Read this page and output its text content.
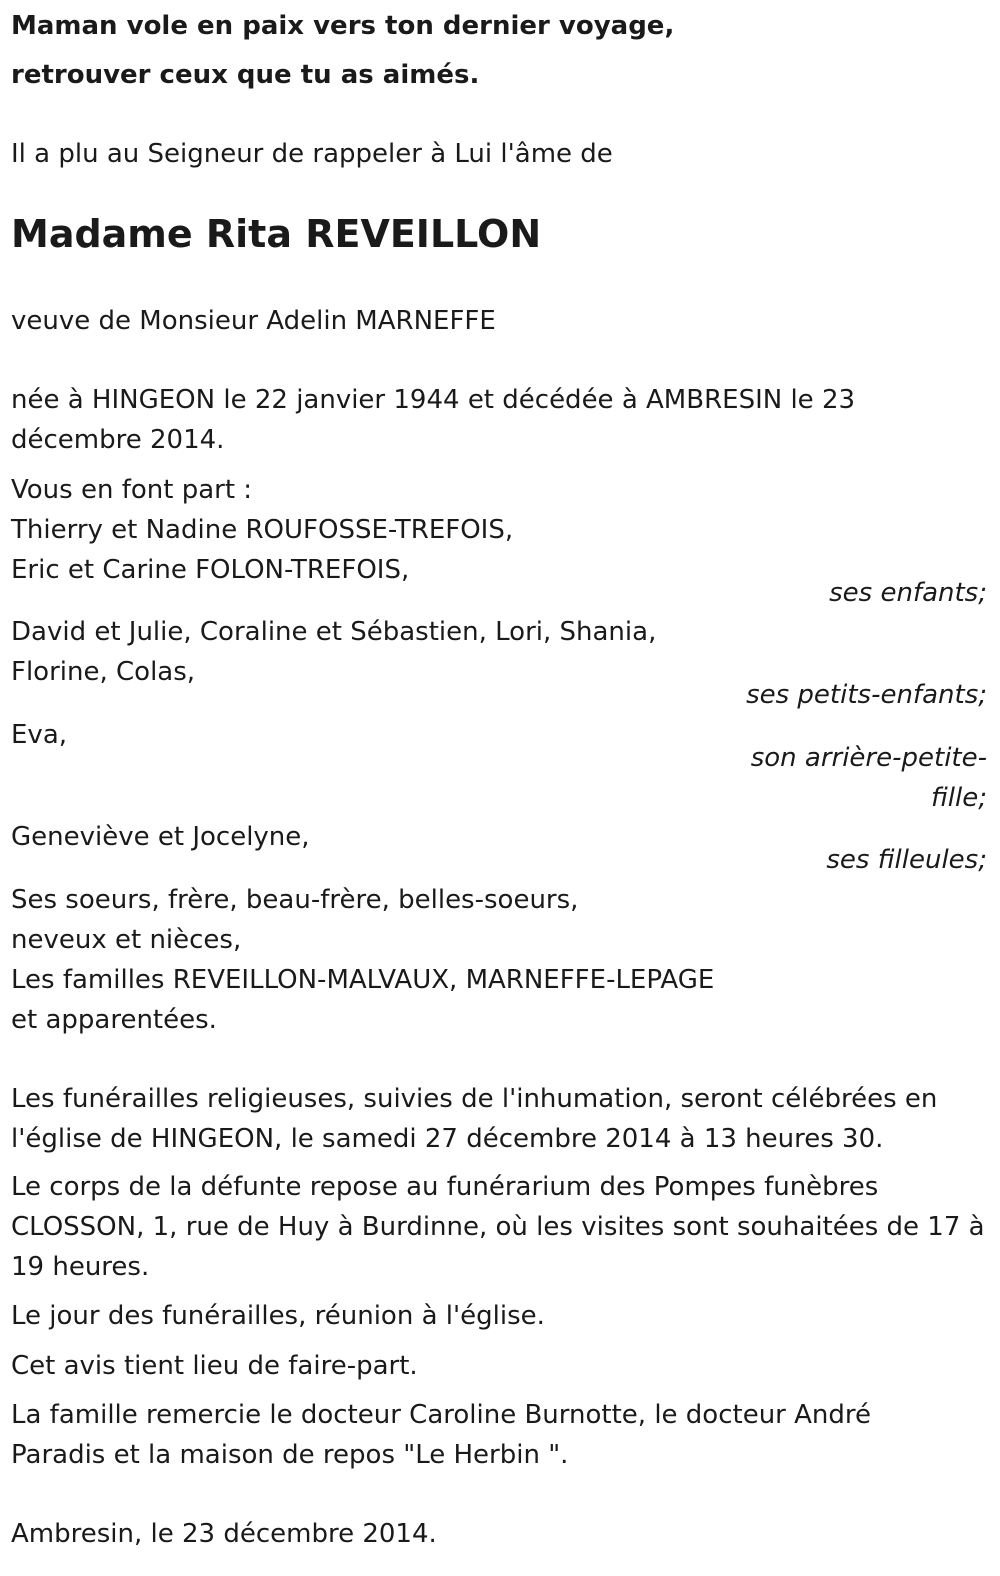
Maman vole en paix vers ton dernier voyage,
retrouver ceux que tu as aimés.
Il a plu au Seigneur de rappeler à Lui l'âme de
Madame Rita REVEILLON
veuve de Monsieur Adelin MARNEFFE
née à HINGEON le 22 janvier 1944 et décédée à AMBRESIN le 23
décembre 2014.
Vous en font part :
Thierry et Nadine ROUFOSSE-TREFOIS,
Eric et Carine FOLON-TREFOIS,
ses enfants;
David et Julie, Coraline et Sébastien, Lori, Shania,
Florine, Colas,
ses petits-enfants;
Eva,
son arrière-petite-
fille;
Geneviève et Jocelyne,
ses filleules;
Ses soeurs, frère, beau-frère, belles-soeurs,
neveux et nièces,
Les familles REVEILLON-MALVAUX, MARNEFFE-LEPAGE
et apparentées.
Les funérailles religieuses, suivies de l'inhumation, seront célébrées en
l'église de HINGEON, le samedi 27 décembre 2014 à 13 heures 30.
Le corps de la défunte repose au funérarium des Pompes funèbres
CLOSSON, 1, rue de Huy à Burdinne, où les visites sont souhaitées de 17 à
19 heures.
Le jour des funérailles, réunion à l'église.
Cet avis tient lieu de faire-part.
La famille remercie le docteur Caroline Burnotte, le docteur André
Paradis et la maison de repos "Le Herbin ".
Ambresin, le 23 décembre 2014.
